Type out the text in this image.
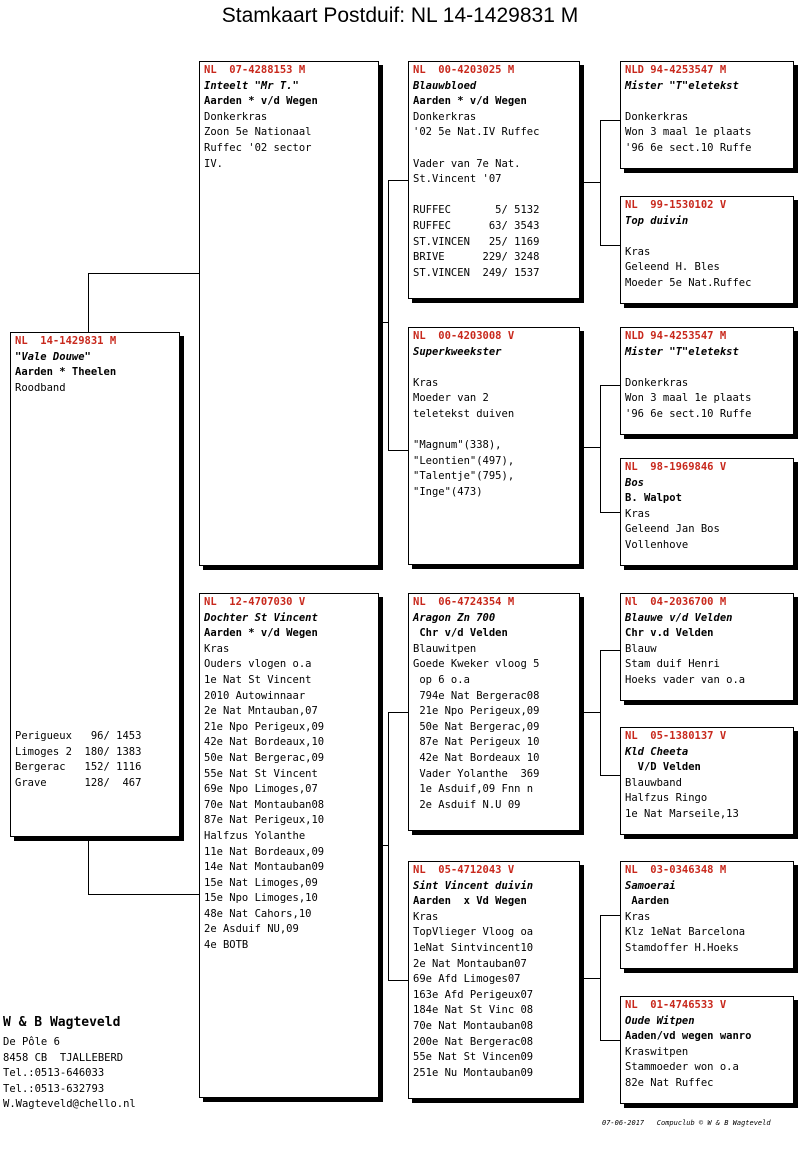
Stamkaart Postduif: NL 14-1429831 M
NL  14-1429831 M
"Vale Douwe"
Aarden * Theelen
Roodband
Perigueux   96/ 1453
Limoges 2  180/ 1383
Bergerac   152/ 1116
Grave      128/  467
NL  07-4288153 M
Inteelt "Mr T."
Aarden * v/d Wegen
Donkerkras
Zoon 5e Nationaal
Ruffec '02 sector
IV.
NL  12-4707030 V
Dochter St Vincent
Aarden * v/d Wegen
Kras
Ouders vlogen o.a
1e Nat St Vincent
2010 Autowinnaar
2e Nat Mntauban,07
21e Npo Perigeux,09
42e Nat Bordeaux,10
50e Nat Bergerac,09
55e Nat St Vincent
69e Npo Limoges,07
70e Nat Montauban08
87e Nat Perigeux,10
Halfzus Yolanthe
11e Nat Bordeaux,09
14e Nat Montauban09
15e Nat Limoges,09
15e Npo Limoges,10
48e Nat Cahors,10
2e Asduif NU,09
4e BOTB
NL  00-4203025 M
Blauwbloed
Aarden * v/d Wegen
Donkerkras
'02 5e Nat.IV Ruffec
Vader van 7e Nat.
St.Vincent '07
RUFFEC       5/ 5132
RUFFEC      63/ 3543
ST.VINCEN   25/ 1169
BRIVE      229/ 3248
ST.VINCEN  249/ 1537
NL  00-4203008 V
Superkweekster
Kras
Moeder van 2
teletekst duiven
"Magnum"(338),
"Leontien"(497),
"Talentje"(795),
"Inge"(473)
NL  06-4724354 M
Aragon Zn 700
Chr v/d Velden
Blauwitpen
Goede Kweker vloog 5
op 6 o.a
794e Nat Bergerac08
21e Npo Perigeux,09
50e Nat Bergerac,09
87e Nat Perigeux 10
42e Nat Bordeaux 10
Vader Yolanthe  369
1e Asduif,09 Fnn n
2e Asduif N.U 09
NL  05-4712043 V
Sint Vincent duivin
Aarden  x Vd Wegen
Kras
TopVlieger Vloog oa
1eNat Sintvincent10
2e Nat Montauban07
69e Afd Limoges07
163e Afd Perigeux07
184e Nat St Vinc 08
70e Nat Montauban08
200e Nat Bergerac08
55e Nat St Vincen09
251e Nu Montauban09
NLD 94-4253547 M
Mister "T"eletekst
Donkerkras
Won 3 maal 1e plaats
'96 6e sect.10 Ruffe
NL  99-1530102 V
Top duivin
Kras
Geleend H. Bles
Moeder 5e Nat.Ruffec
NLD 94-4253547 M
Mister "T"eletekst
Donkerkras
Won 3 maal 1e plaats
'96 6e sect.10 Ruffe
NL  98-1969846 V
Bos
B. Walpot
Kras
Geleend Jan Bos
Vollenhove
Nl  04-2036700 M
Blauwe v/d Velden
Chr v.d Velden
Blauw
Stam duif Henri
Hoeks vader van o.a
NL  05-1380137 V
Kld Cheeta
V/D Velden
Blauwband
Halfzus Ringo
1e Nat Marseile,13
NL  03-0346348 M
Samoerai
Aarden
Kras
Klz 1eNat Barcelona
Stamdoffer H.Hoeks
NL  01-4746533 V
Oude Witpen
Aaden/vd wegen wanro
Kraswitpen
Stammoeder won o.a
82e Nat Ruffec
W & B Wagteveld
De Pôle 6
8458 CB  TJALLEBERD
Tel.:0513-646033
Tel.:0513-632793
W.Wagteveld@chello.nl
07-06-2017   Compuclub © W & B Wagteveld
